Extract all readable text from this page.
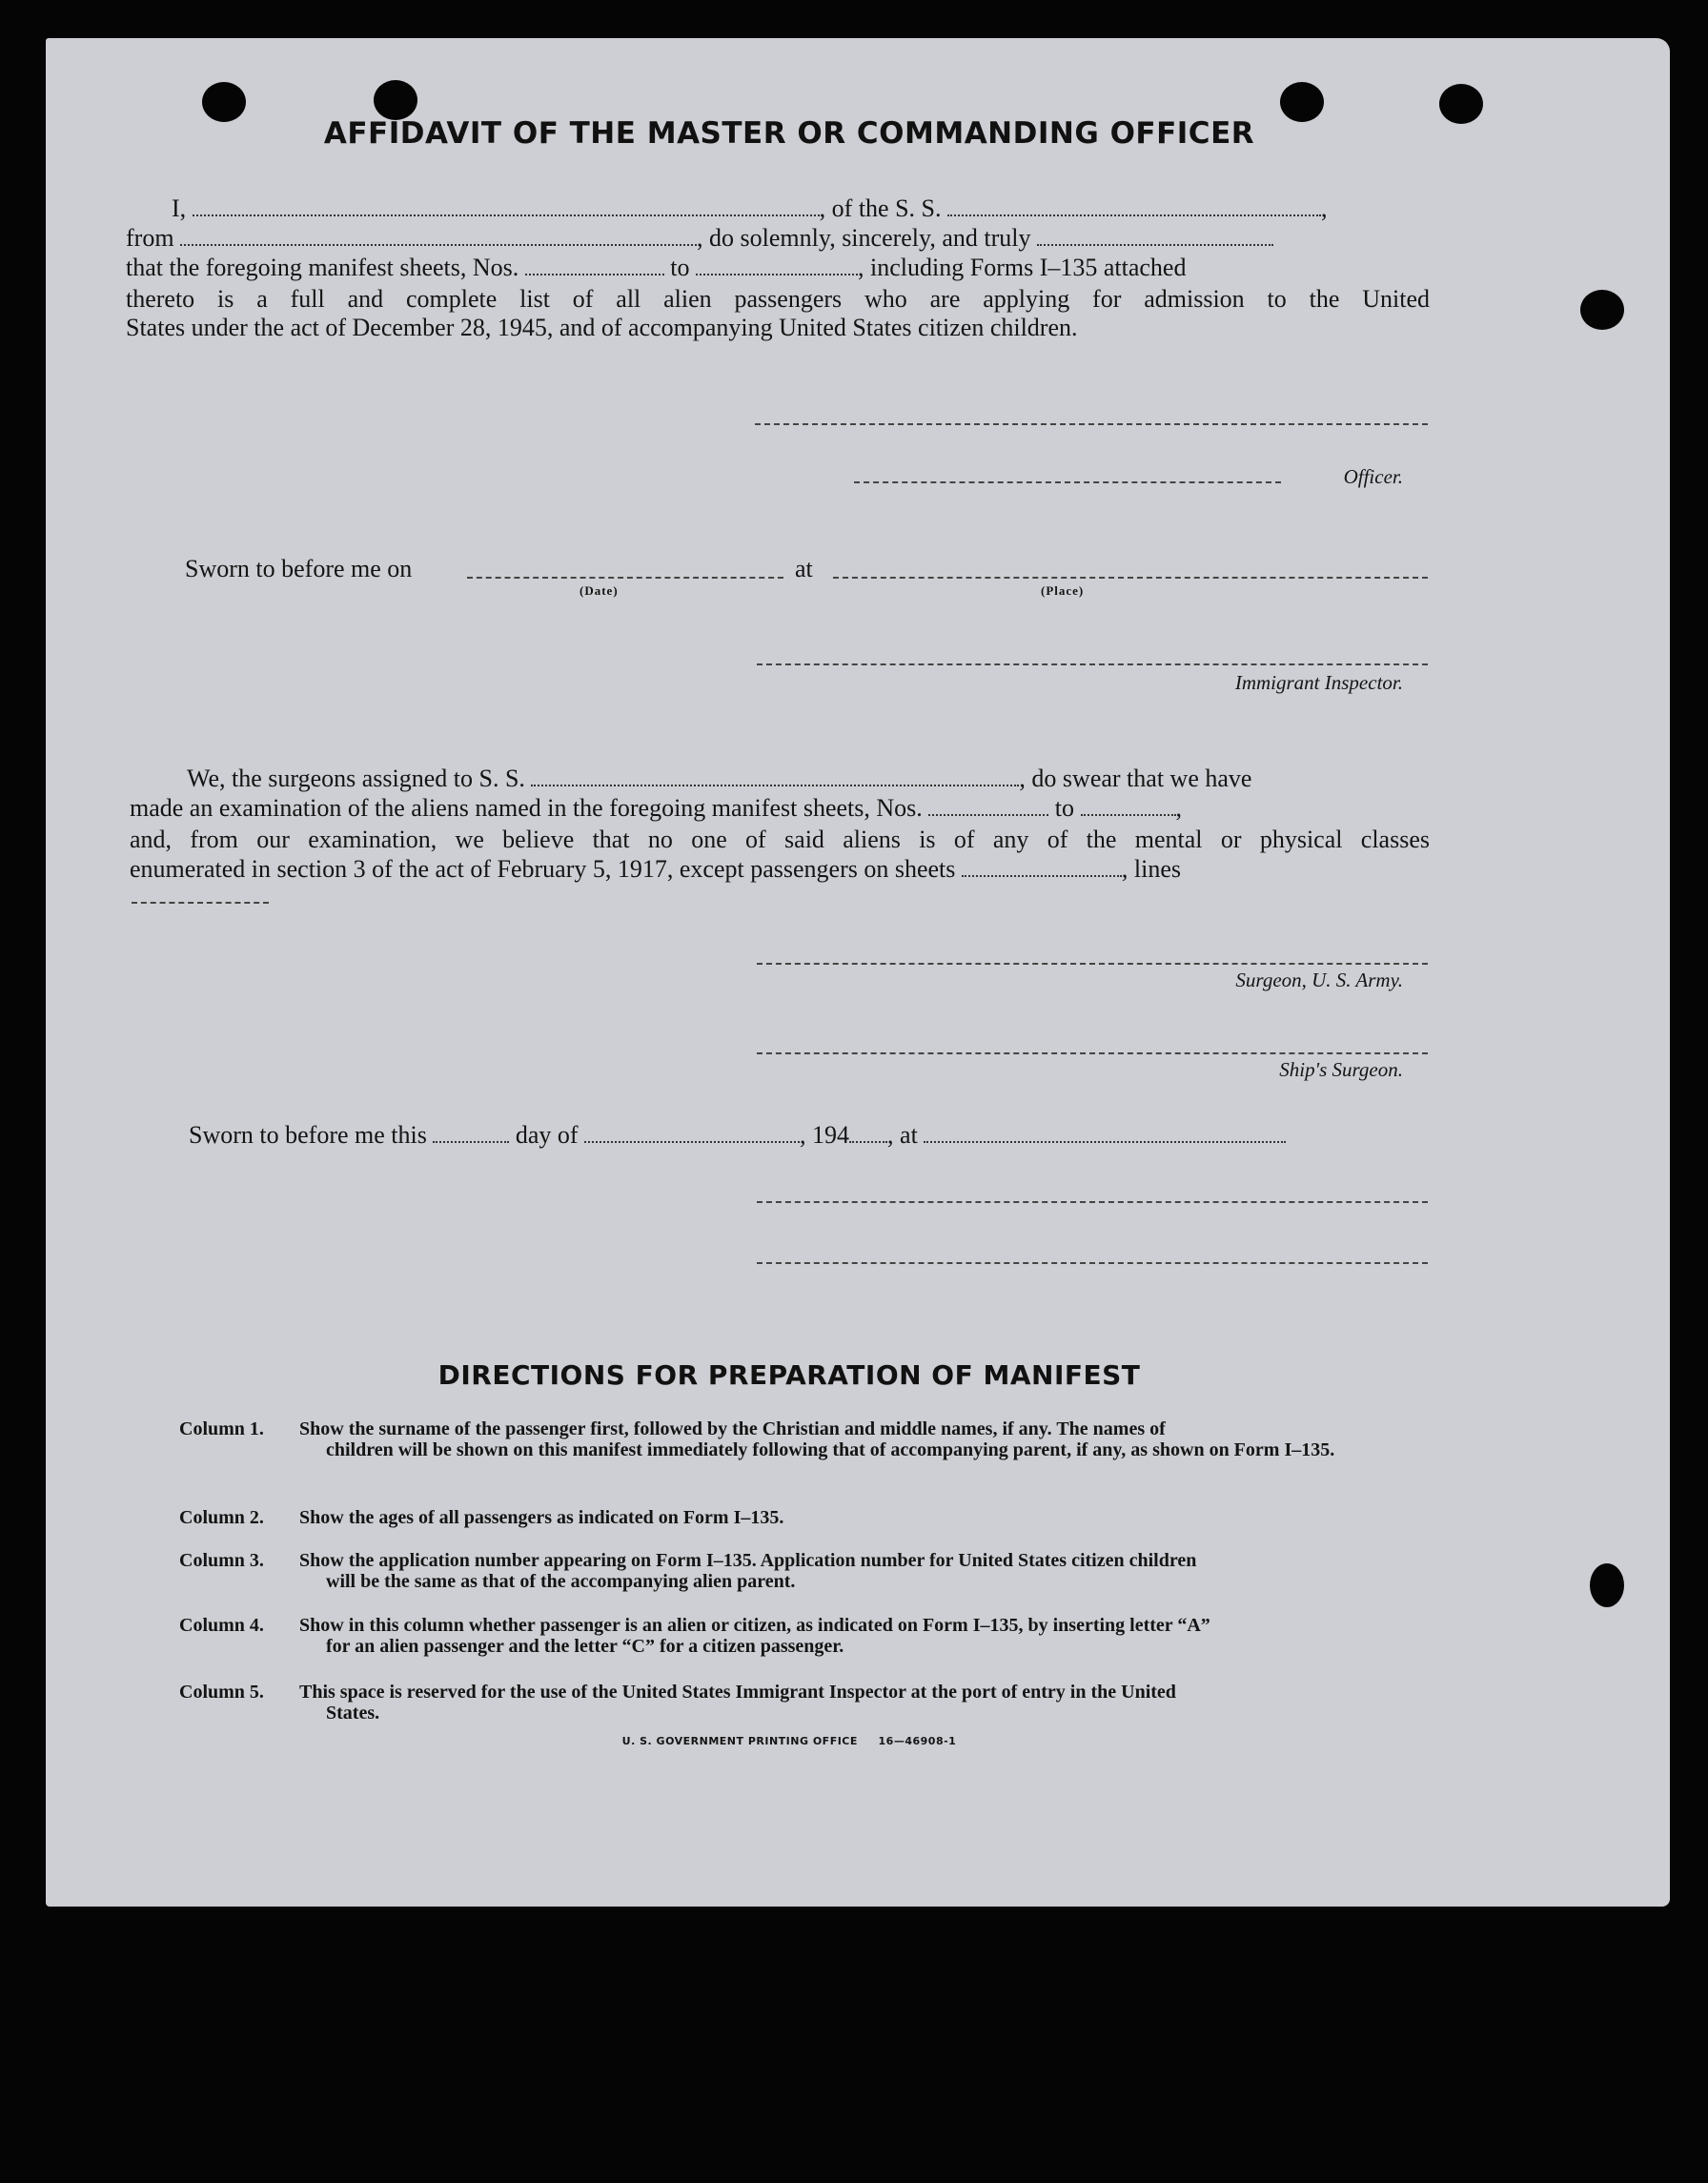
AFFIDAVIT OF THE MASTER OR COMMANDING OFFICER
I,	, of the S. S.	,
from	, do solemnly, sincerely, and truly
that the foregoing manifest sheets, Nos.	to	, including Forms I–135 attached
thereto is a full and complete list of all alien passengers who are applying for admission to the United
States under the act of December 28, 1945, and of accompanying United States citizen children.
Officer.
Sworn to before me on	at
(Date)	(Place)
Immigrant Inspector.
We, the surgeons assigned to S. S.	, do swear that we have
made an examination of the aliens named in the foregoing manifest sheets, Nos.	to	,
and, from our examination, we believe that no one of said aliens is of any of the mental or physical classes
enumerated in section 3 of the act of February 5, 1917, except passengers on sheets	, lines
Surgeon, U. S. Army.
Ship's Surgeon.
Sworn to before me this	day of	, 194 , at
DIRECTIONS FOR PREPARATION OF MANIFEST
Column 1.	Show the surname of the passenger first, followed by the Christian and middle names, if any. The names of
children will be shown on this manifest immediately following that of accompanying parent, if any, as shown on Form I–135.
Column 2.	Show the ages of all passengers as indicated on Form I–135.
Column 3.	Show the application number appearing on Form I–135. Application number for United States citizen children
will be the same as that of the accompanying alien parent.
Column 4.	Show in this column whether passenger is an alien or citizen, as indicated on Form I–135, by inserting letter “A”
for an alien passenger and the letter “C” for a citizen passenger.
Column 5.	This space is reserved for the use of the United States Immigrant Inspector at the port of entry in the United
States.
U. S. GOVERNMENT PRINTING OFFICE     16—46908-1
